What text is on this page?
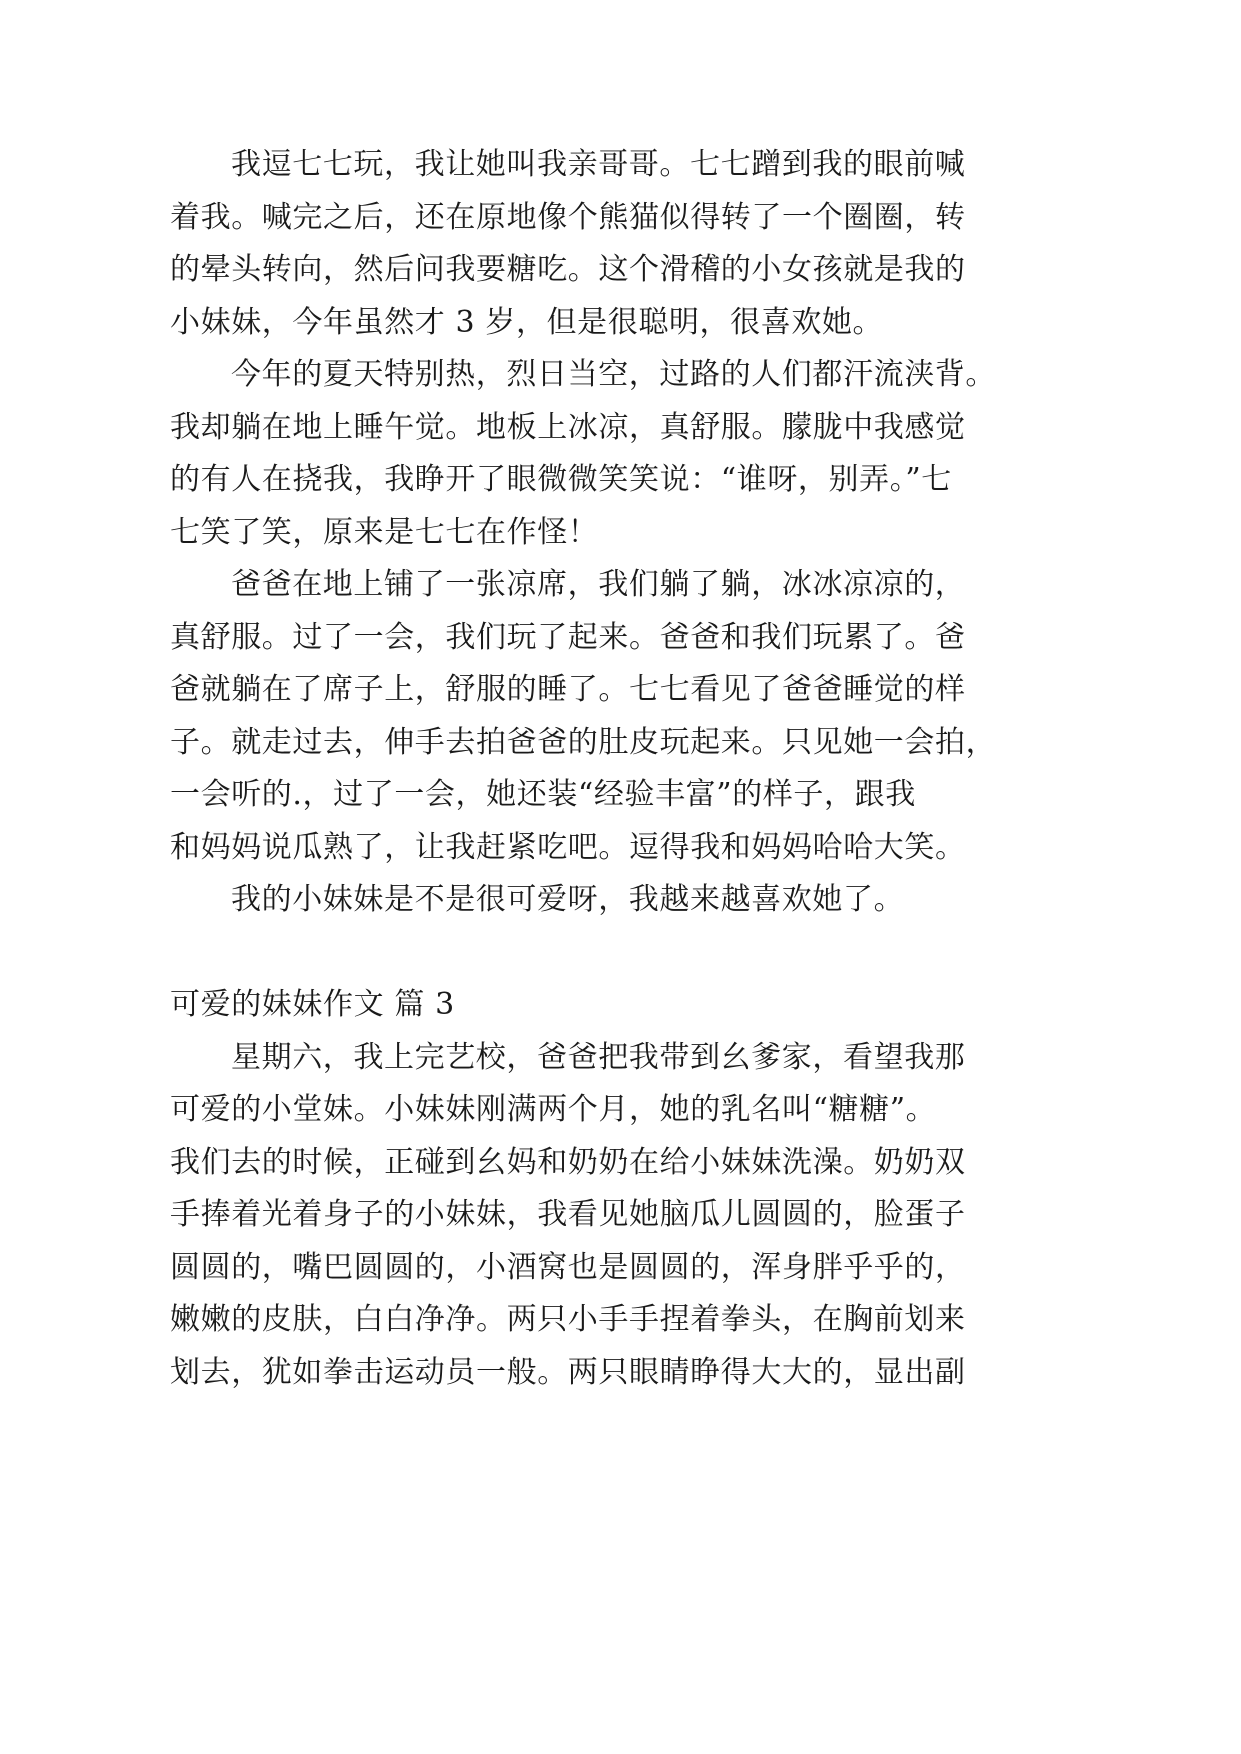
我逗七七玩，我让她叫我亲哥哥。七七蹭到我的眼前喊
着我。喊完之后，还在原地像个熊猫似得转了一个圈圈，转
的晕头转向，然后问我要糖吃。这个滑稽的小女孩就是我的
小妹妹，今年虽然才 3 岁，但是很聪明，很喜欢她。
今年的夏天特别热，烈日当空，过路的人们都汗流浃背。
我却躺在地上睡午觉。地板上冰凉，真舒服。朦胧中我感觉
的有人在挠我，我睁开了眼微微笑笑说：“谁呀，别弄。”七
七笑了笑，原来是七七在作怪！
爸爸在地上铺了一张凉席，我们躺了躺，冰冰凉凉的，
真舒服。过了一会，我们玩了起来。爸爸和我们玩累了。爸
爸就躺在了席子上，舒服的睡了。七七看见了爸爸睡觉的样
子。就走过去，伸手去拍爸爸的肚皮玩起来。只见她一会拍，
一会听的.，过了一会，她还装“经验丰富”的样子，跟我
和妈妈说瓜熟了，让我赶紧吃吧。逗得我和妈妈哈哈大笑。
我的小妹妹是不是很可爱呀，我越来越喜欢她了。
可爱的妹妹作文 篇 3
星期六，我上完艺校，爸爸把我带到幺爹家，看望我那
可爱的小堂妹。小妹妹刚满两个月，她的乳名叫“糖糖”。
我们去的时候，正碰到幺妈和奶奶在给小妹妹洗澡。奶奶双
手捧着光着身子的小妹妹，我看见她脑瓜儿圆圆的，脸蛋子
圆圆的，嘴巴圆圆的，小酒窝也是圆圆的，浑身胖乎乎的，
嫩嫩的皮肤，白白净净。两只小手手捏着拳头，在胸前划来
划去，犹如拳击运动员一般。两只眼睛睁得大大的，显出副
